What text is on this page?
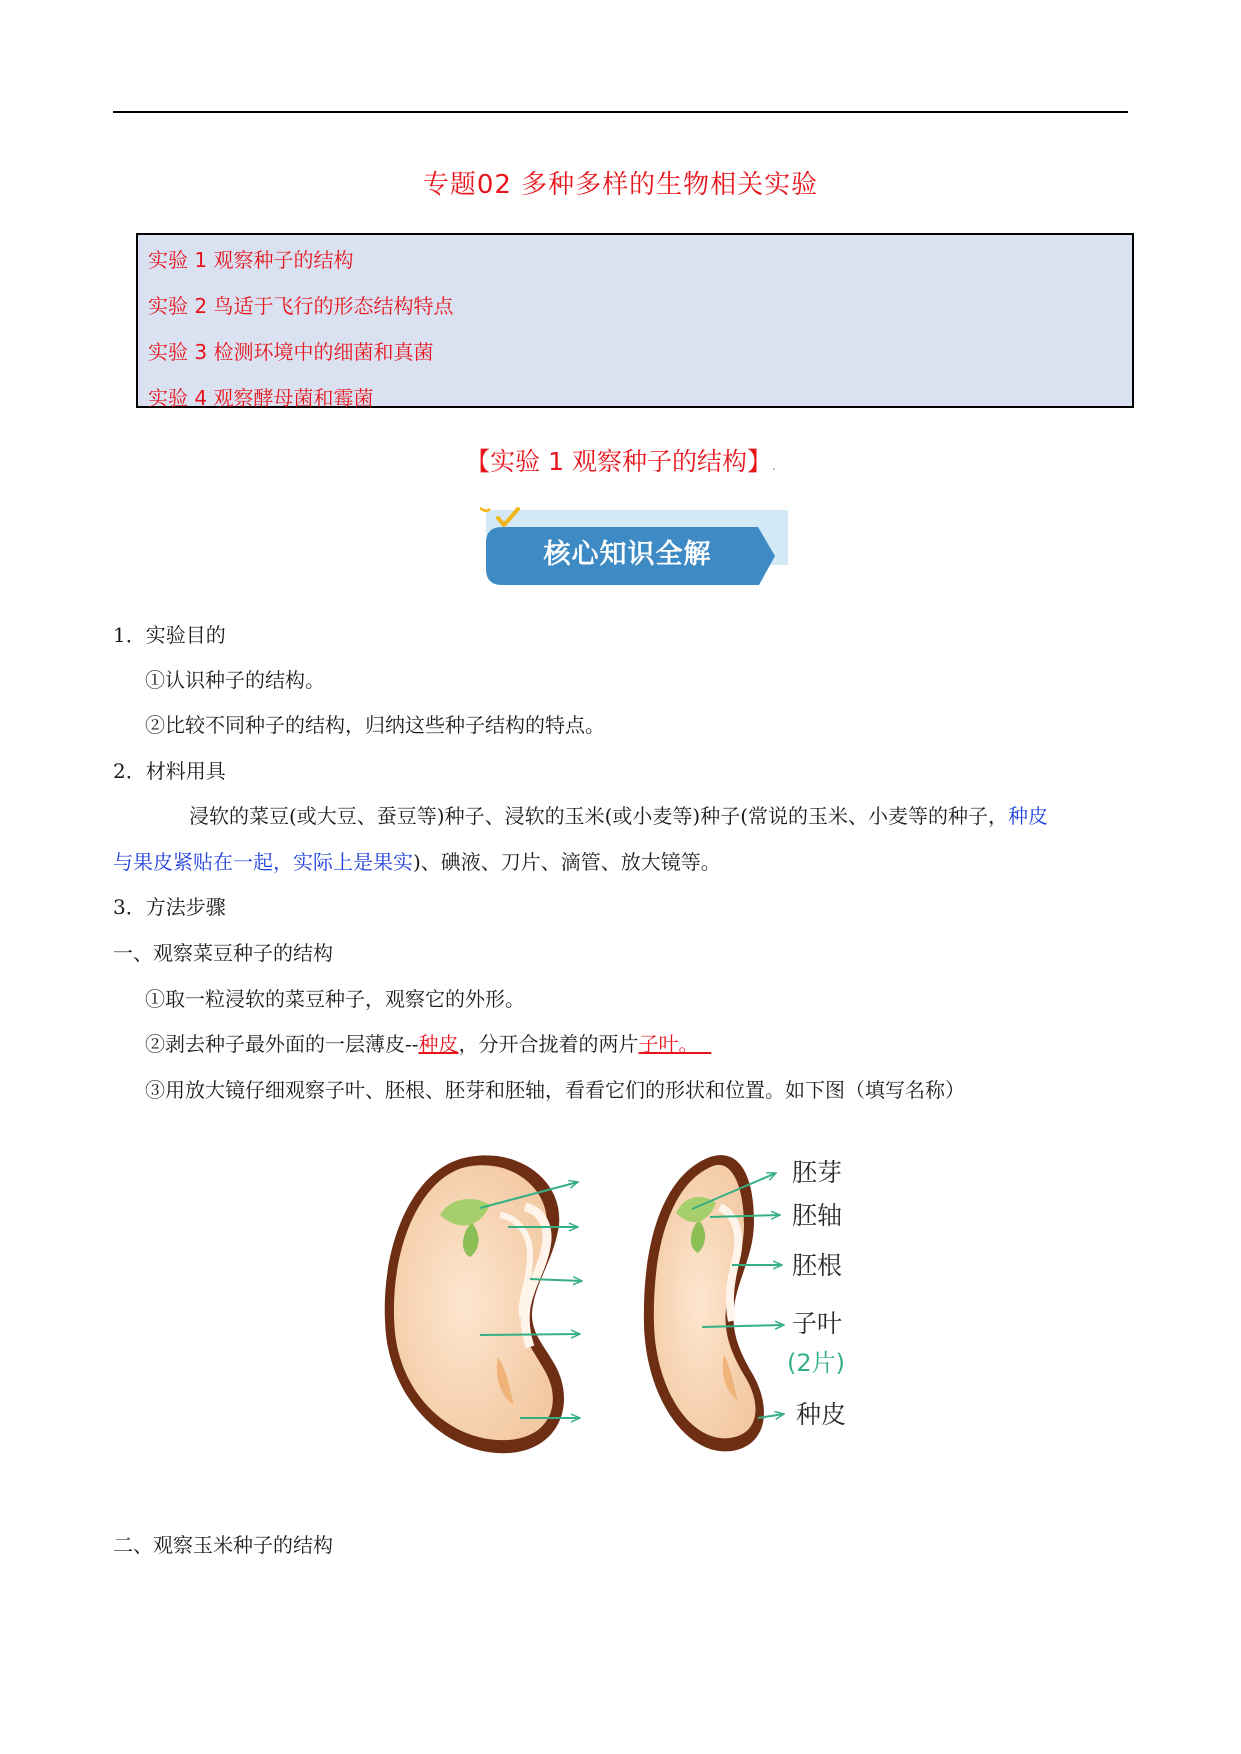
专题02 多种多样的生物相关实验
实验 1 观察种子的结构
实验 2 鸟适于飞行的形态结构特点
实验 3 检测环境中的细菌和真菌
实验 4 观察酵母菌和霉菌
【实验 1 观察种子的结构】.
核心知识全解
1．实验目的
①认识种子的结构。
②比较不同种子的结构，归纳这些种子结构的特点。
2．材料用具
浸软的菜豆(或大豆、蚕豆等)种子、浸软的玉米(或小麦等)种子(常说的玉米、小麦等的种子，种皮
与果皮紧贴在一起，实际上是果实)、碘液、刀片、滴管、放大镜等。
3．方法步骤
一、观察菜豆种子的结构
①取一粒浸软的菜豆种子，观察它的外形。
②剥去种子最外面的一层薄皮--种皮，分开合拢着的两片子叶。
③用放大镜仔细观察子叶、胚根、胚芽和胚轴，看看它们的形状和位置。如下图（填写名称）
胚芽
胚轴
胚根
子叶
(2片)
种皮
二、观察玉米种子的结构
